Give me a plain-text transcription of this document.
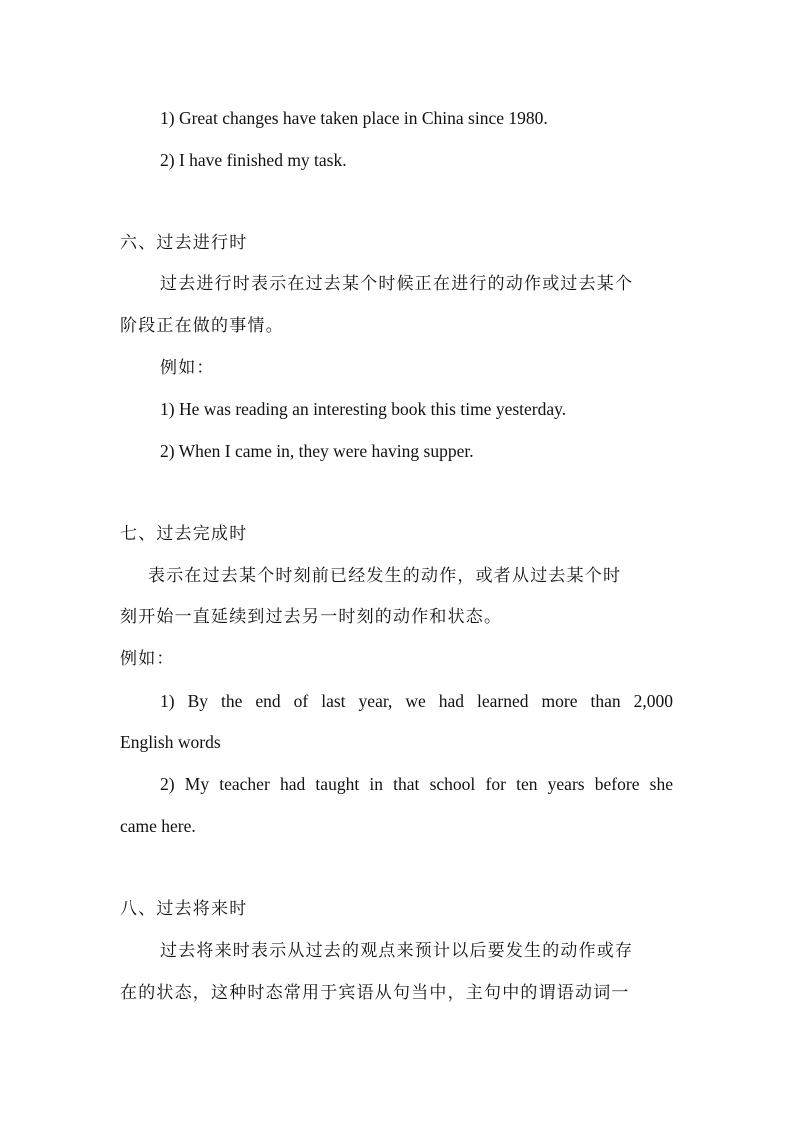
1) Great changes have taken place in China since 1980.
2) I have finished my task.
六、过去进行时
过去进行时表示在过去某个时候正在进行的动作或过去某个
阶段正在做的事情。
例如：
1) He was reading an interesting book this time yesterday.
2) When I came in, they were having supper.
七、过去完成时
表示在过去某个时刻前已经发生的动作，或者从过去某个时
刻开始一直延续到过去另一时刻的动作和状态。
例如：
1) By the end of last year, we had learned more than 2,000
English words
2) My teacher had taught in that school for ten years before she
came here.
八、过去将来时
过去将来时表示从过去的观点来预计以后要发生的动作或存
在的状态，这种时态常用于宾语从句当中，主句中的谓语动词一
